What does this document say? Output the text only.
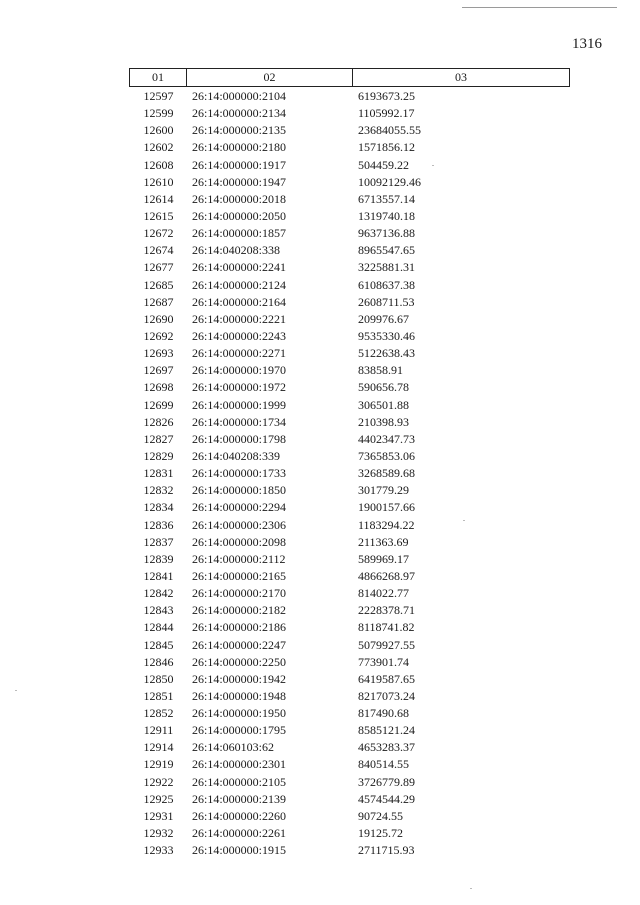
1316
01	02	03
12597	26:14:000000:2104	6193673.25
12599	26:14:000000:2134	1105992.17
12600	26:14:000000:2135	23684055.55
12602	26:14:000000:2180	1571856.12
12608	26:14:000000:1917	504459.22
12610	26:14:000000:1947	10092129.46
12614	26:14:000000:2018	6713557.14
12615	26:14:000000:2050	1319740.18
12672	26:14:000000:1857	9637136.88
12674	26:14:040208:338	8965547.65
12677	26:14:000000:2241	3225881.31
12685	26:14:000000:2124	6108637.38
12687	26:14:000000:2164	2608711.53
12690	26:14:000000:2221	209976.67
12692	26:14:000000:2243	9535330.46
12693	26:14:000000:2271	5122638.43
12697	26:14:000000:1970	83858.91
12698	26:14:000000:1972	590656.78
12699	26:14:000000:1999	306501.88
12826	26:14:000000:1734	210398.93
12827	26:14:000000:1798	4402347.73
12829	26:14:040208:339	7365853.06
12831	26:14:000000:1733	3268589.68
12832	26:14:000000:1850	301779.29
12834	26:14:000000:2294	1900157.66
12836	26:14:000000:2306	1183294.22
12837	26:14:000000:2098	211363.69
12839	26:14:000000:2112	589969.17
12841	26:14:000000:2165	4866268.97
12842	26:14:000000:2170	814022.77
12843	26:14:000000:2182	2228378.71
12844	26:14:000000:2186	8118741.82
12845	26:14:000000:2247	5079927.55
12846	26:14:000000:2250	773901.74
12850	26:14:000000:1942	6419587.65
12851	26:14:000000:1948	8217073.24
12852	26:14:000000:1950	817490.68
12911	26:14:000000:1795	8585121.24
12914	26:14:060103:62	4653283.37
12919	26:14:000000:2301	840514.55
12922	26:14:000000:2105	3726779.89
12925	26:14:000000:2139	4574544.29
12931	26:14:000000:2260	90724.55
12932	26:14:000000:2261	19125.72
12933	26:14:000000:1915	2711715.93
